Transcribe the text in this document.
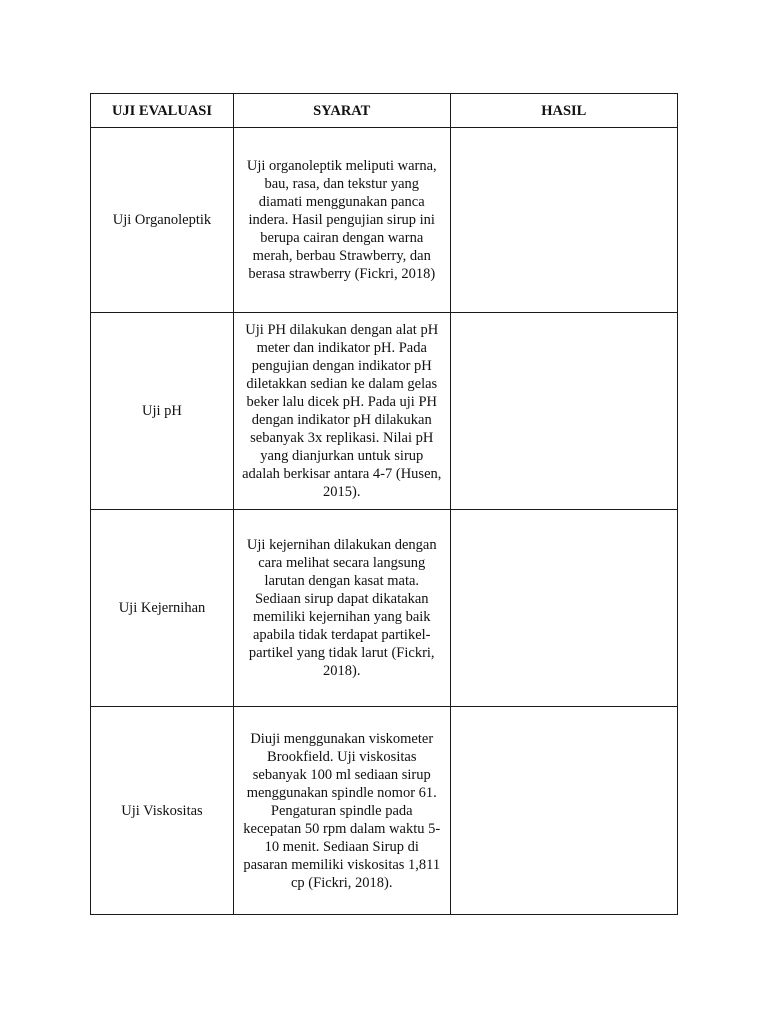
UJI EVALUASI	SYARAT	HASIL
Uji Organoleptik	Uji organoleptik meliputi warna, bau, rasa, dan tekstur yang diamati menggunakan panca indera. Hasil pengujian sirup ini berupa cairan dengan warna merah, berbau Strawberry, dan berasa strawberry (Fickri, 2018)	
Uji pH	Uji PH dilakukan dengan alat pH meter dan indikator pH. Pada pengujian dengan indikator pH diletakkan sedian ke dalam gelas beker lalu dicek pH. Pada uji PH dengan indikator pH dilakukan sebanyak 3x replikasi. Nilai pH yang dianjurkan untuk sirup adalah berkisar antara 4-7 (Husen, 2015).	
Uji Kejernihan	Uji kejernihan dilakukan dengan cara melihat secara langsung larutan dengan kasat mata. Sediaan sirup dapat dikatakan memiliki kejernihan yang baik apabila tidak terdapat partikel-partikel yang tidak larut (Fickri, 2018).	
Uji Viskositas	Diuji menggunakan viskometer Brookfield. Uji viskositas sebanyak 100 ml sediaan sirup menggunakan spindle nomor 61. Pengaturan spindle pada kecepatan 50 rpm dalam waktu 5-10 menit. Sediaan Sirup di pasaran memiliki viskositas 1,811 cp (Fickri, 2018).	
